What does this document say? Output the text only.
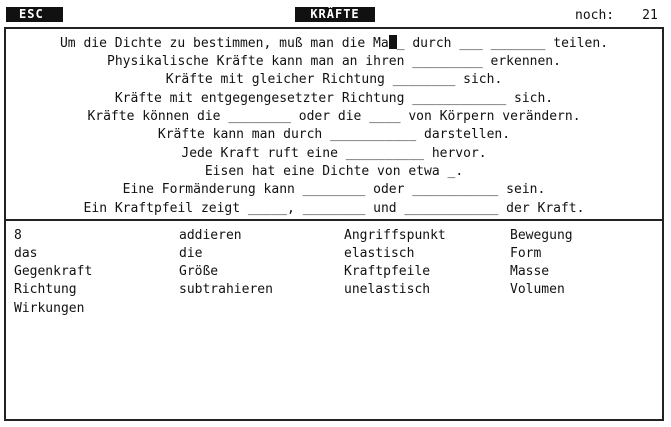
ESC	KRÄFTE	noch: 21
Um die Dichte zu bestimmen, muß man die Ma _ durch ___ _______ teilen.
Physikalische Kräfte kann man an ihren _________ erkennen.
Kräfte mit gleicher Richtung ________ sich.
Kräfte mit entgegengesetzter Richtung ____________ sich.
Kräfte können die ________ oder die ____ von Körpern verändern.
Kräfte kann man durch ___________ darstellen.
Jede Kraft ruft eine __________ hervor.
Eisen hat eine Dichte von etwa _.
Eine Formänderung kann ________ oder ___________ sein.
Ein Kraftpfeil zeigt _____, ________ und ____________ der Kraft.
8
das
Gegenkraft
Richtung
Wirkungen
addieren
die
Größe
subtrahieren
Angriffspunkt
elastisch
Kraftpfeile
unelastisch
Bewegung
Form
Masse
Volumen
